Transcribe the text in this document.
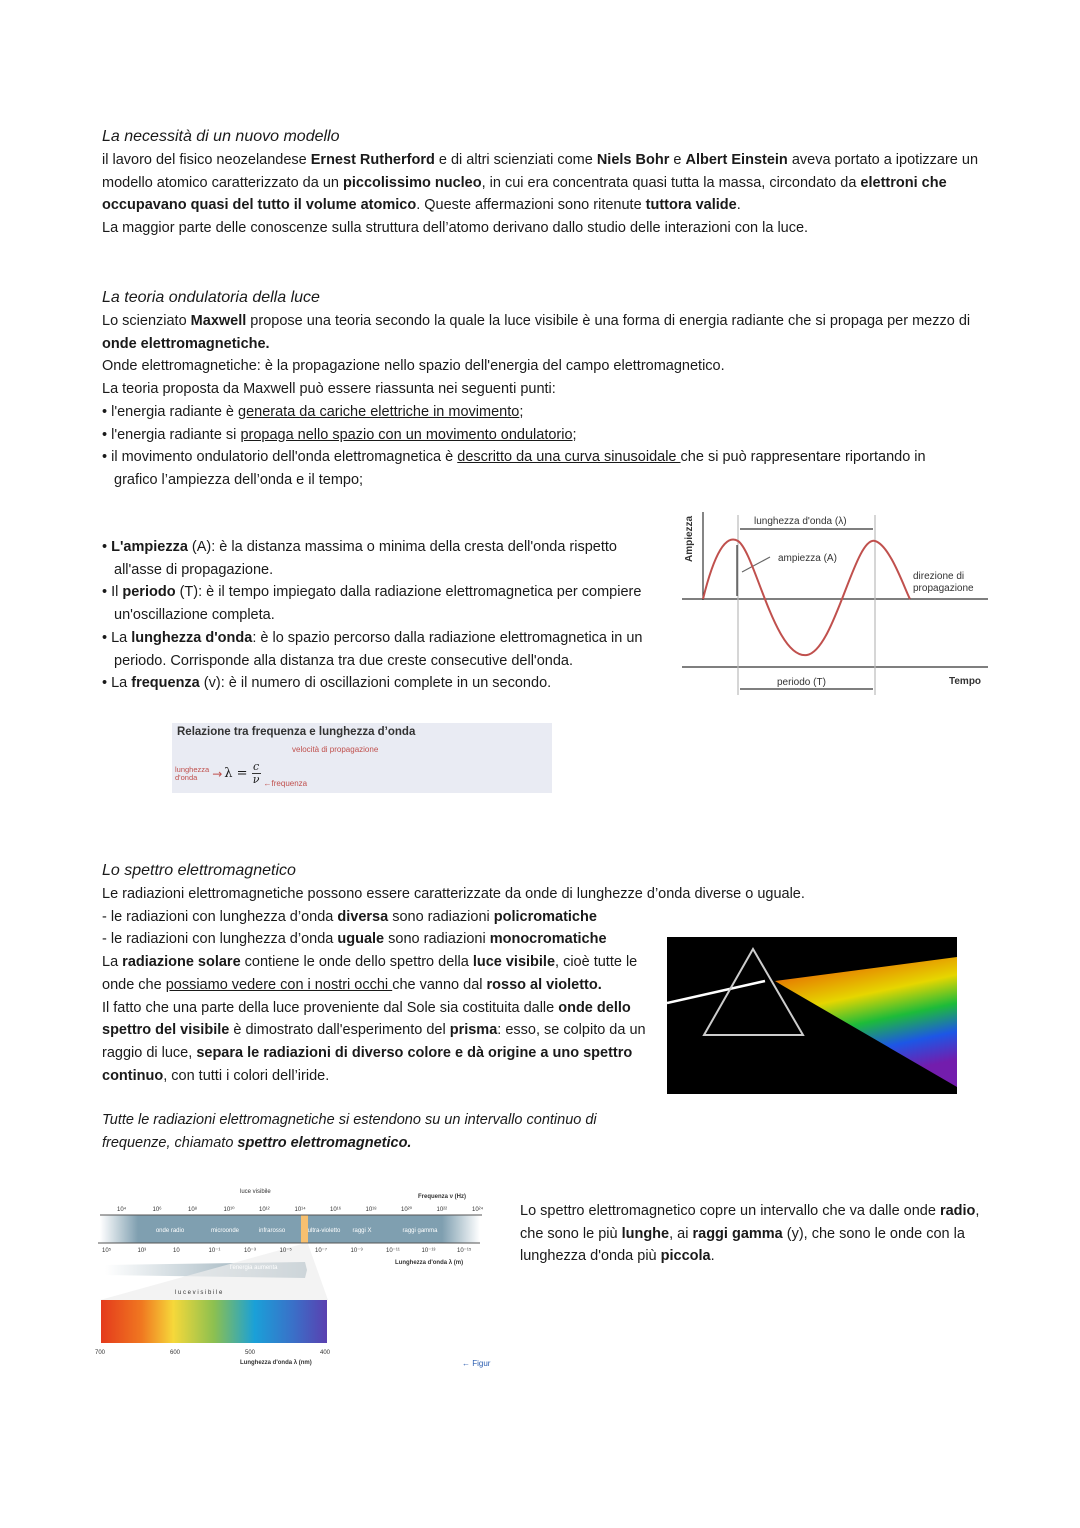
La necessità di un nuovo modello

il lavoro del fisico neozelandese Ernest Rutherford e di altri scienziati come Niels Bohr e Albert Einstein aveva portato a ipotizzare un modello atomico caratterizzato da un piccolissimo nucleo, in cui era concentrata quasi tutta la massa, circondato da elettroni che occupavano quasi del tutto il volume atomico. Queste affermazioni sono ritenute tuttora valide.

La maggior parte delle conoscenze sulla struttura dell’atomo derivano dallo studio delle interazioni con la luce.

La teoria ondulatoria della luce

Lo scienziato Maxwell propose una teoria secondo la quale la luce visibile è una forma di energia radiante che si propaga per mezzo di onde elettromagnetiche.

Onde elettromagnetiche: è la propagazione nello spazio dell'energia del campo elettromagnetico.

La teoria proposta da Maxwell può essere riassunta nei seguenti punti:

• l'energia radiante è generata da cariche elettriche in movimento;

• l'energia radiante si propaga nello spazio con un movimento ondulatorio;

• il movimento ondulatorio dell'onda elettromagnetica è descritto da una curva sinusoidale che si può rappresentare riportando in grafico l’ampiezza dell’onda e il tempo;

• L'ampiezza (A): è la distanza massima o minima della cresta dell'onda rispetto all'asse di propagazione.

• Il periodo (T): è il tempo impiegato dalla radiazione elettromagnetica per compiere un'oscillazione completa.

• La lunghezza d'onda: è lo spazio percorso dalla radiazione elettromagnetica in un periodo. Corrisponde alla distanza tra due creste consecutive dell'onda.

• La frequenza (v): è il numero di oscillazioni complete in un secondo.

Ampiezza	lunghezza d'onda (λ)
ampiezza (A)
direzione di
propagazione
periodo (T)	Tempo
Relazione tra frequenza e lunghezza d’onda
velocità di propagazione
lunghezza
d'onda	→ $\lambda = \frac{c}{\nu}$ ←frequenza

Lo spettro elettromagnetico

Le radiazioni elettromagnetiche possono essere caratterizzate da onde di lunghezze d’onda diverse o uguale.

- le radiazioni con lunghezza d’onda diversa sono radiazioni policromatiche

- le radiazioni con lunghezza d’onda uguale sono radiazioni monocromatiche

La radiazione solare contiene le onde dello spettro della luce visibile, cioè tutte le onde che possiamo vedere con i nostri occhi che vanno dal rosso al violetto.

Il fatto che una parte della luce proveniente dal Sole sia costituita dalle onde dello spettro del visibile è dimostrato dall'esperimento del prisma: esso, se colpito da un raggio di luce, separa le radiazioni di diverso colore e dà origine a uno spettro continuo, con tutti i colori dell’iride.

Tutte le radiazioni elettromagnetiche si estendono su un intervallo continuo di frequenze, chiamato spettro elettromagnetico.

Lo spettro elettromagnetico copre un intervallo che va dalle onde radio, che sono le più lunghe, ai raggi gamma (y), che sono le onde con la lunghezza d'onda più piccola.

10⁴	10⁶	10⁸	10¹⁰	10¹²	10¹⁴	10¹⁶	10¹⁸	10²⁰	10²²	10²⁴
10⁵	10³	10	10⁻¹	10⁻³	10⁻⁵	10⁻⁷	10⁻⁹	10⁻¹¹	10⁻¹³	10⁻¹⁵
onde radio	microonde	infrarosso	ultra-violetto raggi X	raggi gamma
luce visibile
Frequenza ν (Hz)
Lunghezza d'onda λ (m)
l'energia aumenta
l u c e v i s i b i l e
700	600	500	400
Lunghezza d'onda λ (nm)	← Figur
